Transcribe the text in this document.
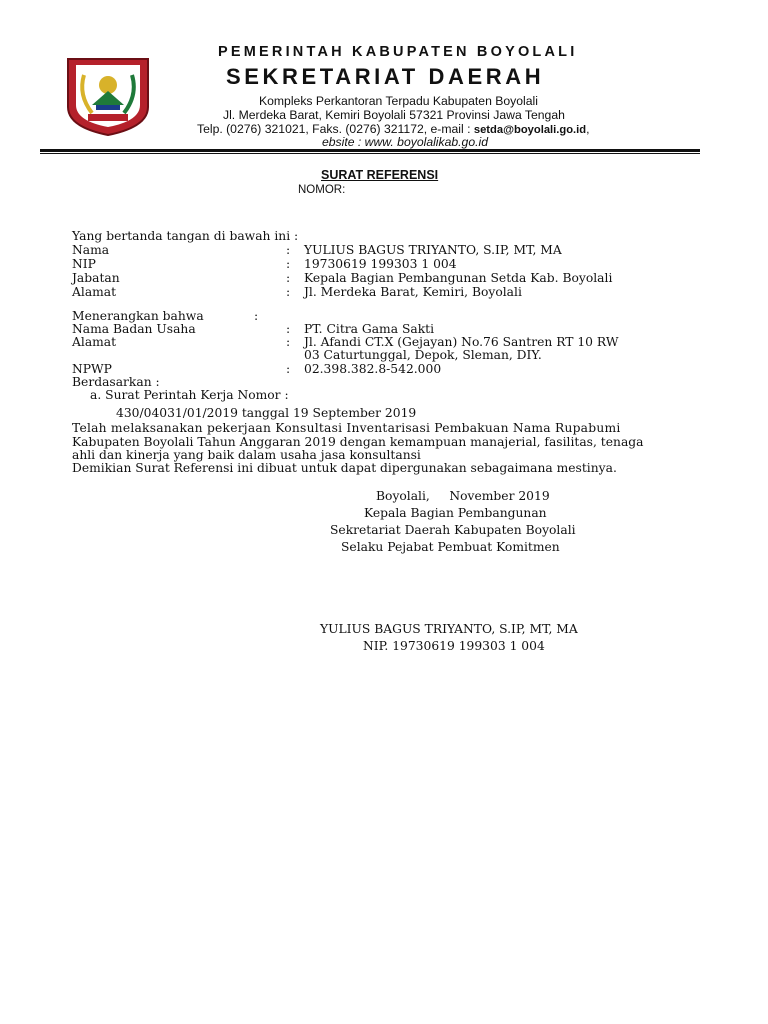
PEMERINTAH KABUPATEN BOYOLALI
SEKRETARIAT DAERAH
Kompleks Perkantoran Terpadu Kabupaten Boyolali
Jl. Merdeka Barat, Kemiri Boyolali 57321 Provinsi Jawa Tengah
Telp. (0276) 321021, Faks. (0276) 321172, e-mail : setda@boyolali.go.id,
ebsite : www. boyolalikab.go.id
SURAT REFERENSI
NOMOR:
Yang bertanda tangan di bawah ini :
Nama	: YULIUS BAGUS TRIYANTO, S.IP, MT, MA
NIP	: 19730619 199303 1 004
Jabatan	: Kepala Bagian Pembangunan Setda Kab. Boyolali
Alamat	: Jl. Merdeka Barat, Kemiri, Boyolali
Menerangkan bahwa	:
Nama Badan Usaha	: PT. Citra Gama Sakti
Alamat	: Jl. Afandi CT.X (Gejayan) No.76 Santren RT 10 RW
03 Caturtunggal, Depok, Sleman, DIY.
NPWP	: 02.398.382.8-542.000
Berdasarkan :
a. Surat Perintah Kerja Nomor :
430/04031/01/2019 tanggal 19 September 2019
Telah melaksanakan pekerjaan Konsultasi Inventarisasi Pembakuan Nama Rupabumi
Kabupaten Boyolali Tahun Anggaran 2019 dengan kemampuan manajerial, fasilitas, tenaga
ahli dan kinerja yang baik dalam usaha jasa konsultansi
Demikian Surat Referensi ini dibuat untuk dapat dipergunakan sebagaimana mestinya.
Boyolali,     November 2019
Kepala Bagian Pembangunan
Sekretariat Daerah Kabupaten Boyolali
Selaku Pejabat Pembuat Komitmen
YULIUS BAGUS TRIYANTO, S.IP, MT, MA
NIP. 19730619 199303 1 004
